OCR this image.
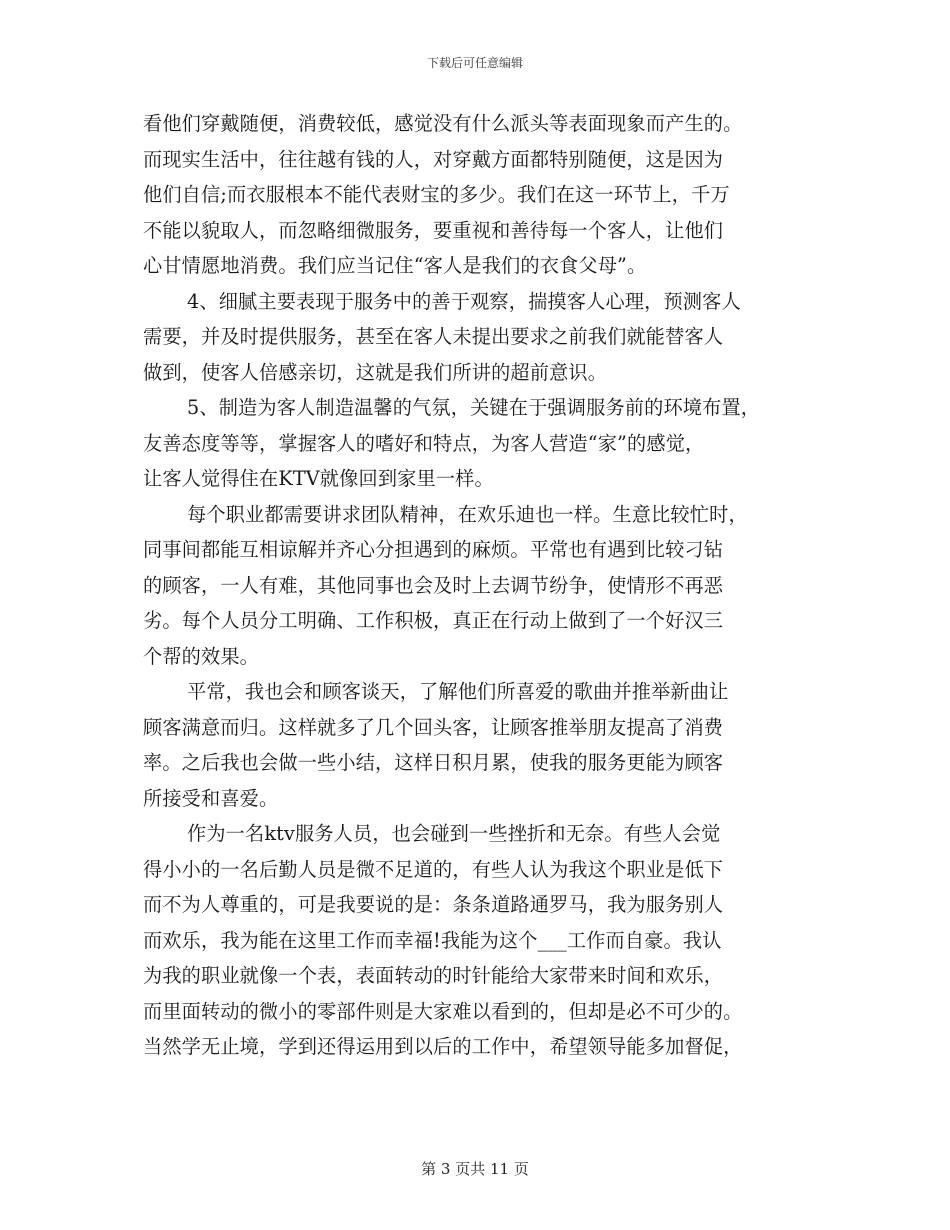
下载后可任意编辑
看他们穿戴随便，消费较低，感觉没有什么派头等表面现象而产生的。
而现实生活中，往往越有钱的人，对穿戴方面都特别随便，这是因为
他们自信;而衣服根本不能代表财宝的多少。我们在这一环节上，千万
不能以貌取人，而忽略细微服务，要重视和善待每一个客人，让他们
心甘情愿地消费。我们应当记住“客人是我们的衣食父母”。
4、细腻主要表现于服务中的善于观察，揣摸客人心理，预测客人
需要，并及时提供服务，甚至在客人未提出要求之前我们就能替客人
做到，使客人倍感亲切，这就是我们所讲的超前意识。
5、制造为客人制造温馨的气氛，关键在于强调服务前的环境布置，
友善态度等等，掌握客人的嗜好和特点，为客人营造“家”的感觉，
让客人觉得住在KTV就像回到家里一样。
每个职业都需要讲求团队精神，在欢乐迪也一样。生意比较忙时，
同事间都能互相谅解并齐心分担遇到的麻烦。平常也有遇到比较刁钻
的顾客，一人有难，其他同事也会及时上去调节纷争，使情形不再恶
劣。每个人员分工明确、工作积极，真正在行动上做到了一个好汉三
个帮的效果。
平常，我也会和顾客谈天，了解他们所喜爱的歌曲并推举新曲让
顾客满意而归。这样就多了几个回头客，让顾客推举朋友提高了消费
率。之后我也会做一些小结，这样日积月累，使我的服务更能为顾客
所接受和喜爱。
作为一名ktv服务人员，也会碰到一些挫折和无奈。有些人会觉
得小小的一名后勤人员是微不足道的，有些人认为我这个职业是低下
而不为人尊重的，可是我要说的是：条条道路通罗马，我为服务别人
而欢乐，我为能在这里工作而幸福!我能为这个___工作而自豪。我认
为我的职业就像一个表，表面转动的时针能给大家带来时间和欢乐，
而里面转动的微小的零部件则是大家难以看到的，但却是必不可少的。
当然学无止境，学到还得运用到以后的工作中，希望领导能多加督促，
第 3 页共 11 页
